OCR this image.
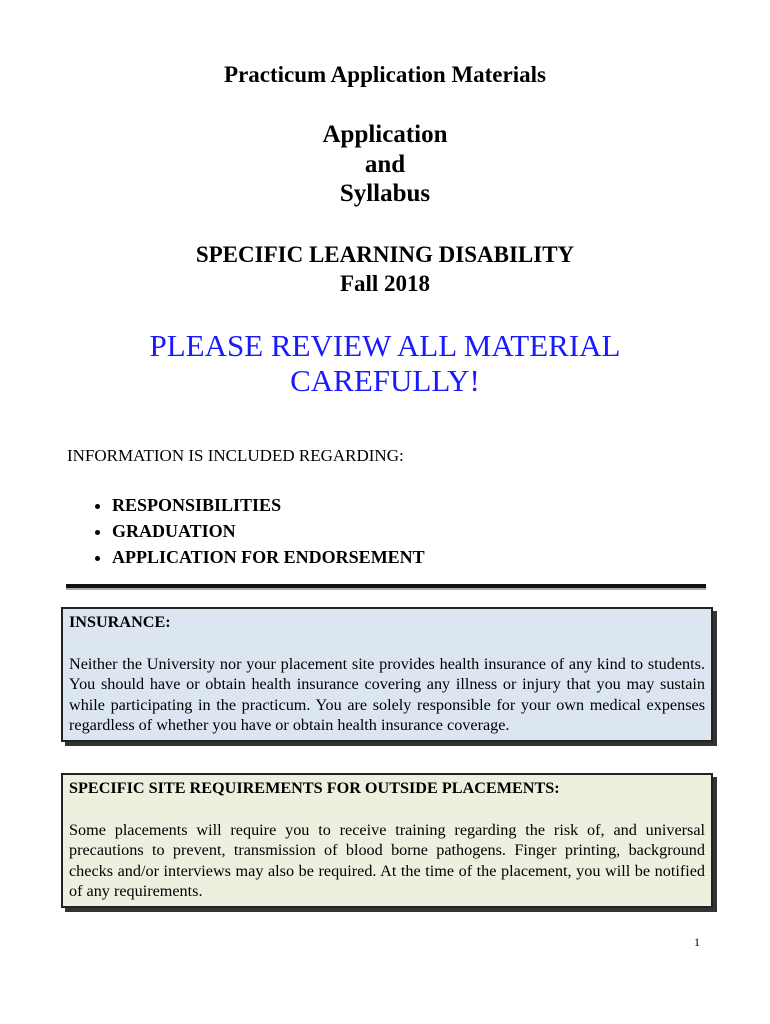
Practicum Application Materials
Application
and
Syllabus
SPECIFIC LEARNING DISABILITY
Fall 2018
PLEASE REVIEW ALL MATERIAL
CAREFULLY!
INFORMATION IS INCLUDED REGARDING:
• RESPONSIBILITIES
• GRADUATION
• APPLICATION FOR ENDORSEMENT
INSURANCE:

Neither the University nor your placement site provides health insurance of any kind to students. You should have or obtain health insurance covering any illness or injury that you may sustain while participating in the practicum. You are solely responsible for your own medical expenses regardless of whether you have or obtain health insurance coverage.

SPECIFIC SITE REQUIREMENTS FOR OUTSIDE PLACEMENTS:

Some placements will require you to receive training regarding the risk of, and universal precautions to prevent, transmission of blood borne pathogens. Finger printing, background checks and/or interviews may also be required. At the time of the placement, you will be notified of any requirements.

1
